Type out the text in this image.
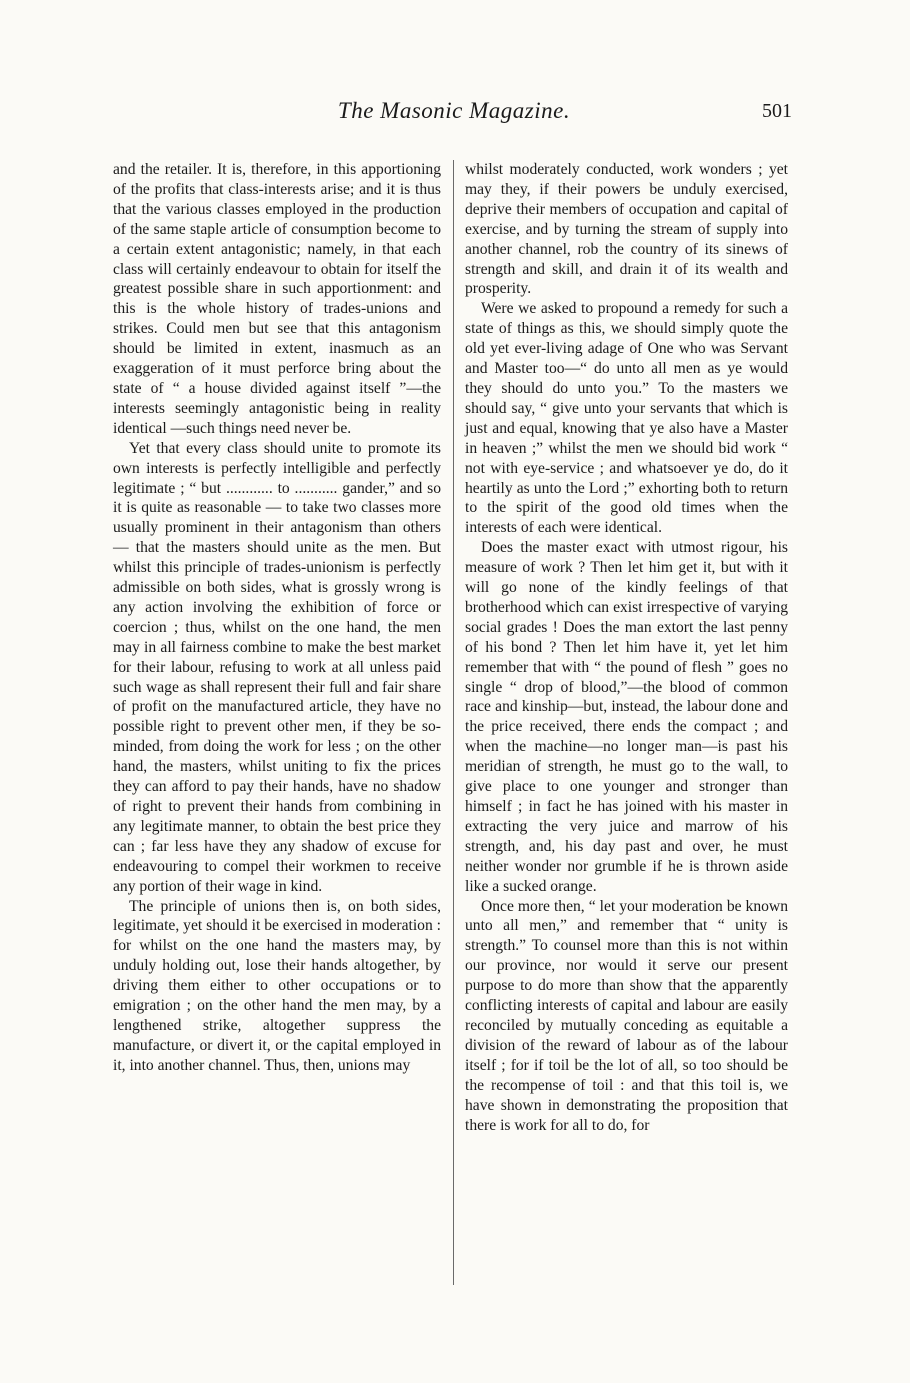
The Masonic Magazine.	501

and the retailer. It is, therefore, in this apportioning of the profits that class-interests arise; and it is thus that the various classes employed in the production of the same staple article of consumption become to a certain extent antagonistic; namely, in that each class will certainly endeavour to obtain for itself the greatest possible share in such apportionment: and this is the whole history of trades-unions and strikes. Could men but see that this antagonism should be limited in extent, inasmuch as an exaggeration of it must perforce bring about the state of “ a house divided against itself ”—the interests seemingly antagonistic being in reality identical —such things need never be.

Yet that every class should unite to promote its own interests is perfectly intelligible and perfectly legitimate ; “ but ............ to ........... gander,” and so it is quite as reasonable — to take two classes more usually prominent in their antagonism than others — that the masters should unite as the men. But whilst this principle of trades-unionism is perfectly admissible on both sides, what is grossly wrong is any action involving the exhibition of force or coercion ; thus, whilst on the one hand, the men may in all fairness combine to make the best market for their labour, refusing to work at all unless paid such wage as shall represent their full and fair share of profit on the manufactured article, they have no possible right to prevent other men, if they be so-minded, from doing the work for less ; on the other hand, the masters, whilst uniting to fix the prices they can afford to pay their hands, have no shadow of right to prevent their hands from combining in any legitimate manner, to obtain the best price they can ; far less have they any shadow of excuse for endeavouring to compel their workmen to receive any portion of their wage in kind.

The principle of unions then is, on both sides, legitimate, yet should it be exercised in moderation : for whilst on the one hand the masters may, by unduly holding out, lose their hands altogether, by driving them either to other occupations or to emigration ; on the other hand the men may, by a lengthened strike, altogether suppress the manufacture, or divert it, or the capital employed in it, into another channel. Thus, then, unions may

whilst moderately conducted, work wonders ; yet may they, if their powers be unduly exercised, deprive their members of occupation and capital of exercise, and by turning the stream of supply into another channel, rob the country of its sinews of strength and skill, and drain it of its wealth and prosperity.

Were we asked to propound a remedy for such a state of things as this, we should simply quote the old yet ever-living adage of One who was Servant and Master too—“ do unto all men as ye would they should do unto you.” To the masters we should say, “ give unto your servants that which is just and equal, knowing that ye also have a Master in heaven ;” whilst the men we should bid work “ not with eye-service ; and whatsoever ye do, do it heartily as unto the Lord ;” exhorting both to return to the spirit of the good old times when the interests of each were identical.

Does the master exact with utmost rigour, his measure of work ? Then let him get it, but with it will go none of the kindly feelings of that brotherhood which can exist irrespective of varying social grades ! Does the man extort the last penny of his bond ? Then let him have it, yet let him remember that with “ the pound of flesh ” goes no single “ drop of blood,”—the blood of common race and kinship—but, instead, the labour done and the price received, there ends the compact ; and when the machine—no longer man—is past his meridian of strength, he must go to the wall, to give place to one younger and stronger than himself ; in fact he has joined with his master in extracting the very juice and marrow of his strength, and, his day past and over, he must neither wonder nor grumble if he is thrown aside like a sucked orange.

Once more then, “ let your moderation be known unto all men,” and remember that “ unity is strength.” To counsel more than this is not within our province, nor would it serve our present purpose to do more than show that the apparently conflicting interests of capital and labour are easily reconciled by mutually conceding as equitable a division of the reward of labour as of the labour itself ; for if toil be the lot of all, so too should be the recompense of toil : and that this toil is, we have shown in demonstrating the proposition that there is work for all to do, for
